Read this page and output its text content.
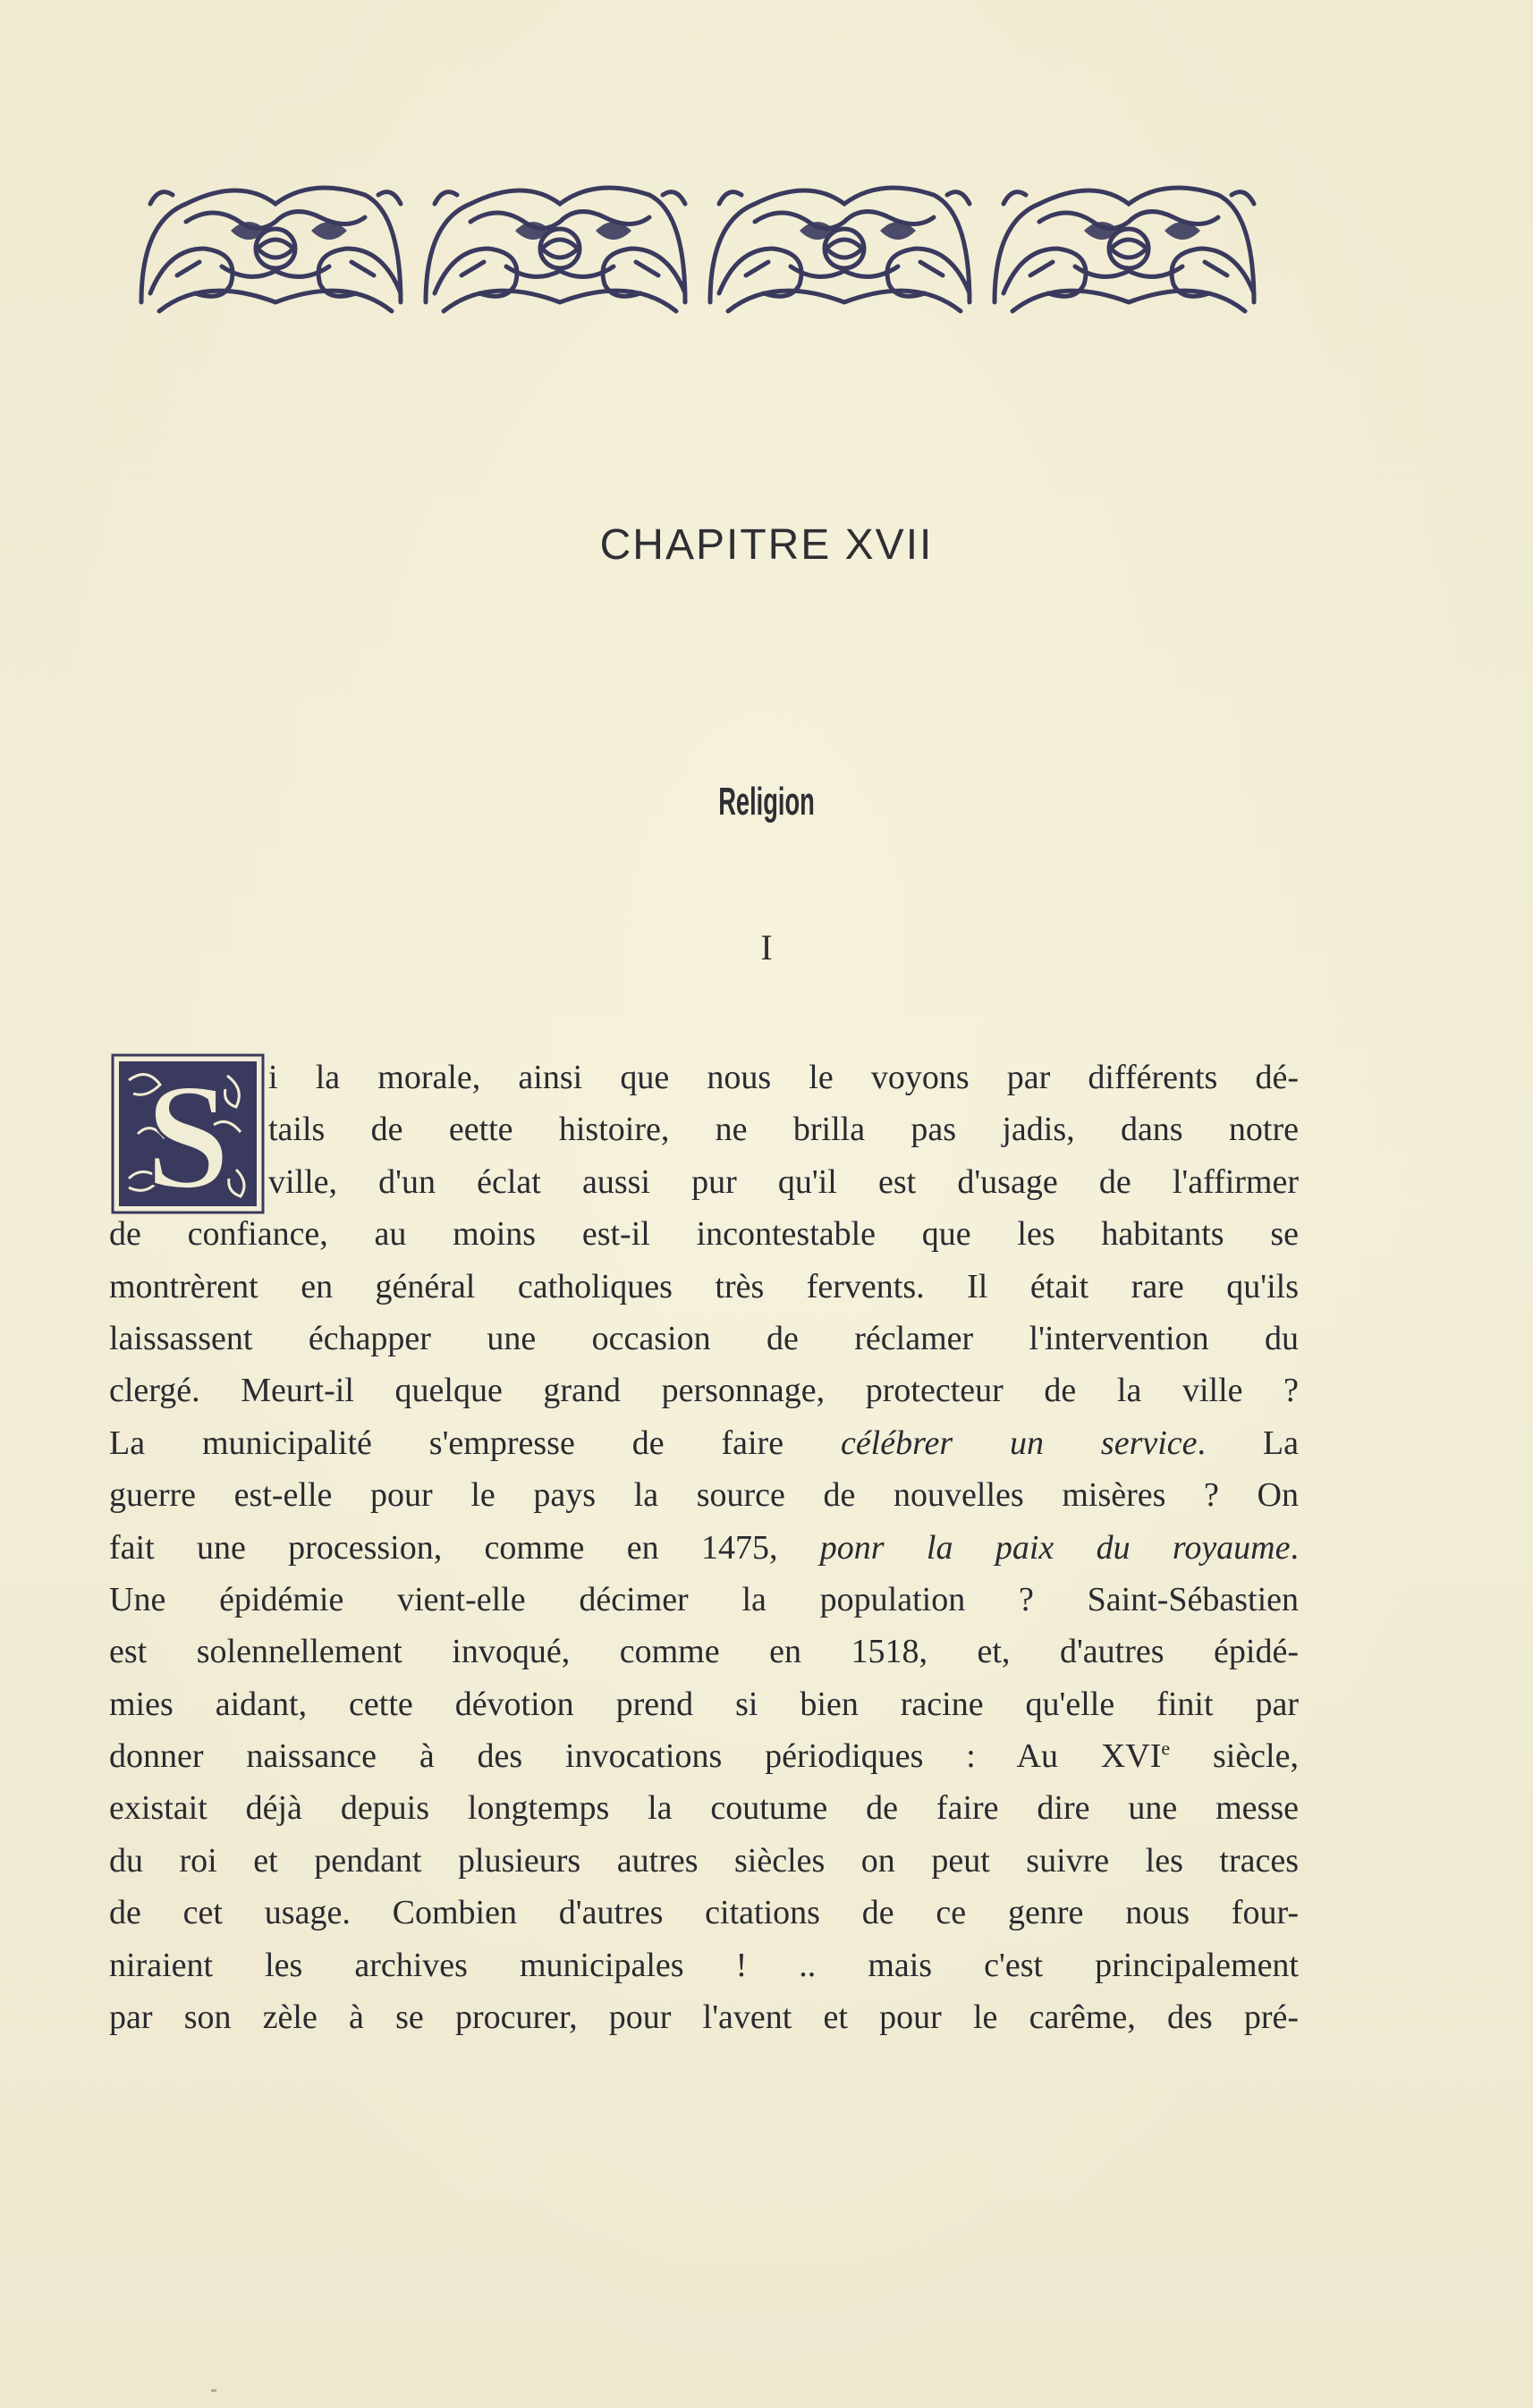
CHAPITRE XVII
Religion
I
S i la morale, ainsi que nous le voyons par différents dé-
tails de eette histoire, ne brilla pas jadis, dans notre
ville, d'un éclat aussi pur qu'il est d'usage de l'affirmer
de confiance, au moins est-il incontestable que les habitants se
montrèrent en général catholiques très fervents. Il était rare qu'ils
laissassent échapper une occasion de réclamer l'intervention du
clergé. Meurt-il quelque grand personnage, protecteur de la ville ?
La municipalité s'empresse de faire célébrer un service. La
guerre est-elle pour le pays la source de nouvelles misères ? On
fait une procession, comme en 1475, ponr la paix du royaume.
Une épidémie vient-elle décimer la population ? Saint-Sébastien
est solennellement invoqué, comme en 1518, et, d'autres épidé-
mies aidant, cette dévotion prend si bien racine qu'elle finit par
donner naissance à des invocations périodiques : Au XVIe siècle,
existait déjà depuis longtemps la coutume de faire dire une messe
du roi et pendant plusieurs autres siècles on peut suivre les traces
de cet usage. Combien d'autres citations de ce genre nous four-
niraient les archives municipales ! .. mais c'est principalement
par son zèle à se procurer, pour l'avent et pour le carême, des pré-
